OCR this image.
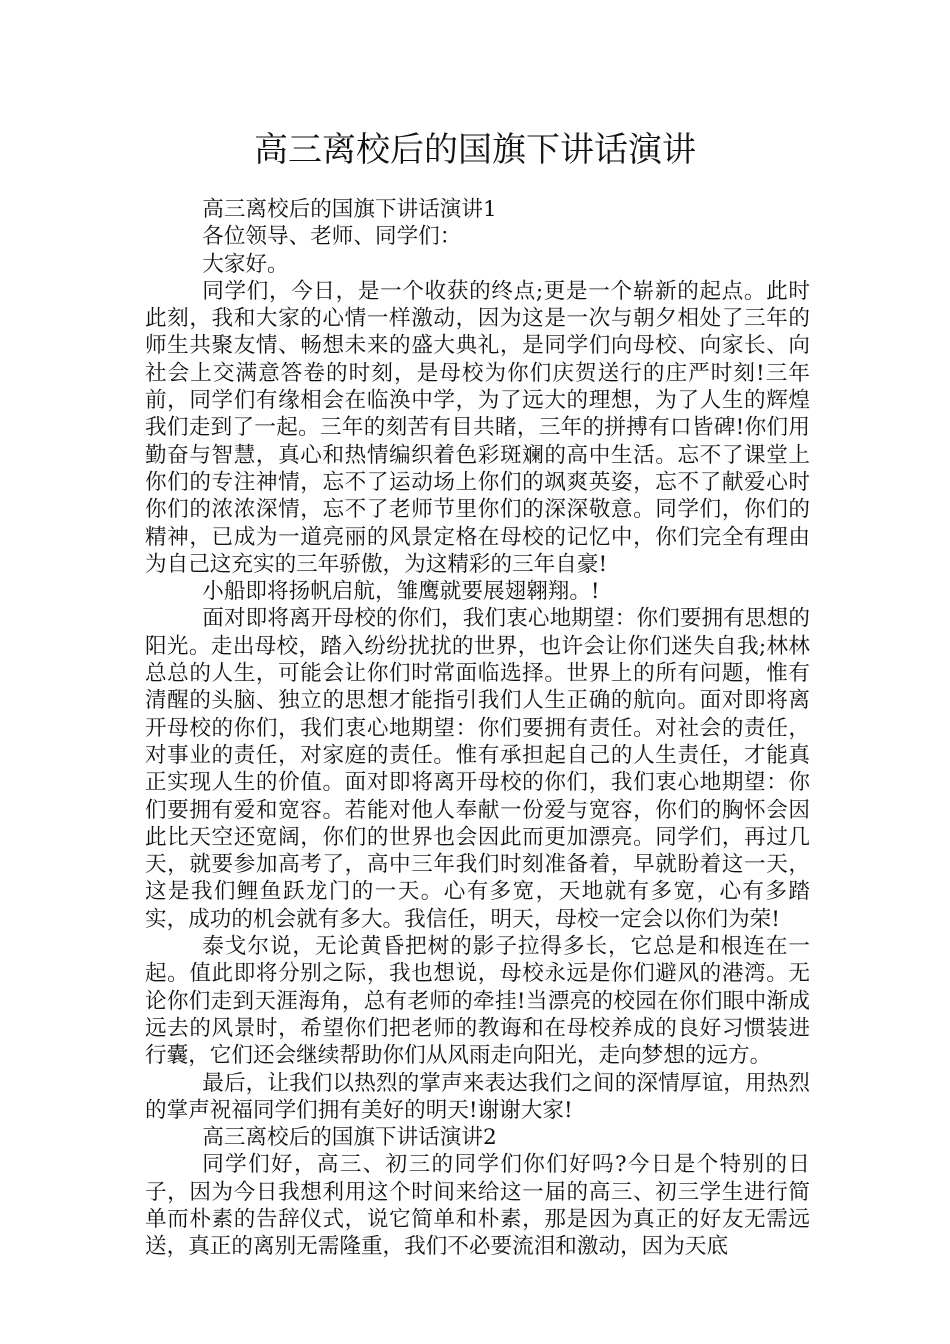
高三离校后的国旗下讲话演讲

高三离校后的国旗下讲话演讲1

各位领导、老师、同学们：

大家好。

同学们，今日，是一个收获的终点;更是一个崭新的起点。此时此刻，我和大家的心情一样激动，因为这是一次与朝夕相处了三年的师生共聚友情、畅想未来的盛大典礼，是同学们向母校、向家长、向社会上交满意答卷的时刻，是母校为你们庆贺送行的庄严时刻!三年前，同学们有缘相会在临涣中学，为了远大的理想，为了人生的辉煌我们走到了一起。三年的刻苦有目共睹，三年的拼搏有口皆碑!你们用勤奋与智慧，真心和热情编织着色彩斑斓的高中生活。忘不了课堂上你们的专注神情，忘不了运动场上你们的飒爽英姿，忘不了献爱心时你们的浓浓深情，忘不了老师节里你们的深深敬意。同学们，你们的精神，已成为一道亮丽的风景定格在母校的记忆中，你们完全有理由为自己这充实的三年骄傲，为这精彩的三年自豪!

小船即将扬帆启航，雏鹰就要展翅翱翔。!

面对即将离开母校的你们，我们衷心地期望：你们要拥有思想的阳光。走出母校，踏入纷纷扰扰的世界，也许会让你们迷失自我;林林总总的人生，可能会让你们时常面临选择。世界上的所有问题，惟有清醒的头脑、独立的思想才能指引我们人生正确的航向。面对即将离开母校的你们，我们衷心地期望：你们要拥有责任。对社会的责任，对事业的责任，对家庭的责任。惟有承担起自己的人生责任，才能真正实现人生的价值。面对即将离开母校的你们，我们衷心地期望：你们要拥有爱和宽容。若能对他人奉献一份爱与宽容，你们的胸怀会因此比天空还宽阔，你们的世界也会因此而更加漂亮。同学们，再过几天，就要参加高考了，高中三年我们时刻准备着，早就盼着这一天，这是我们鲤鱼跃龙门的一天。心有多宽，天地就有多宽，心有多踏实，成功的机会就有多大。我信任，明天，母校一定会以你们为荣!

泰戈尔说，无论黄昏把树的影子拉得多长，它总是和根连在一起。值此即将分别之际，我也想说，母校永远是你们避风的港湾。无论你们走到天涯海角，总有老师的牵挂!当漂亮的校园在你们眼中渐成远去的风景时，希望你们把老师的教诲和在母校养成的良好习惯装进行囊，它们还会继续帮助你们从风雨走向阳光，走向梦想的远方。

最后，让我们以热烈的掌声来表达我们之间的深情厚谊，用热烈的掌声祝福同学们拥有美好的明天!谢谢大家!

高三离校后的国旗下讲话演讲2

同学们好，高三、初三的同学们你们好吗?今日是个特别的日子，因为今日我想利用这个时间来给这一届的高三、初三学生进行简单而朴素的告辞仪式，说它简单和朴素，那是因为真正的好友无需远送，真正的离别无需隆重，我们不必要流泪和激动，因为天底
